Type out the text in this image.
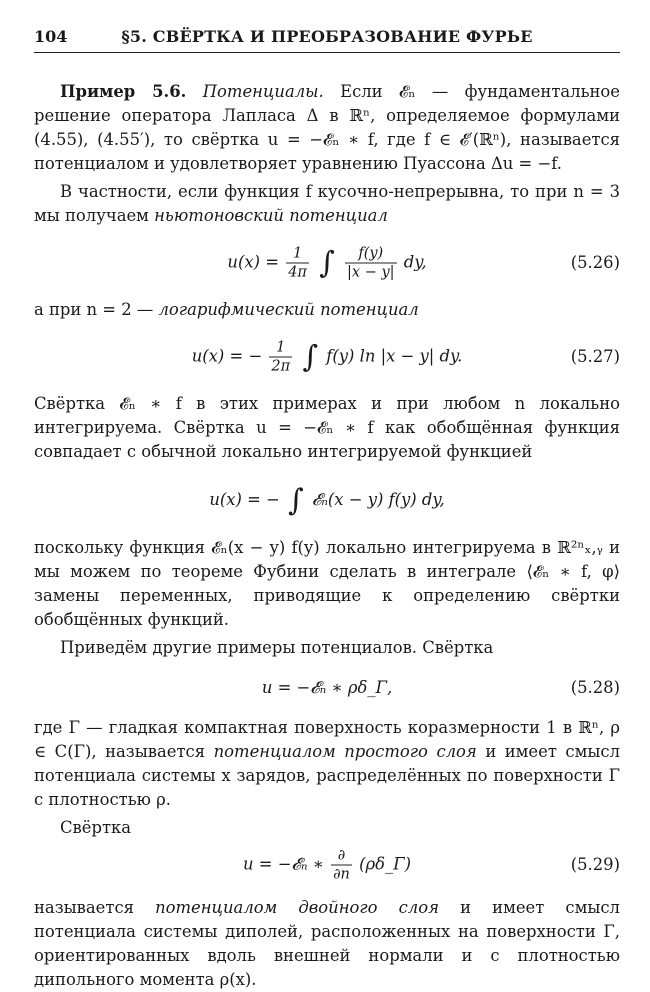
104	§5. СВЁРТКА И ПРЕОБРАЗОВАНИЕ ФУРЬЕ

Пример 5.6. Потенциалы. Если 𝓔ₙ — фундаментальное решение оператора Лапласа Δ в ℝⁿ, определяемое формулами (4.55), (4.55′), то свёртка u = −𝓔ₙ ∗ f, где f ∈ 𝓔′(ℝⁿ), называется потенциалом и удовлетворяет уравнению Пуассона Δu = −f.

В частности, если функция f кусочно-непрерывна, то при n = 3 мы получаем ньютоновский потенциал

$u(x) = \frac{1}{4\pi}$ ∫ $\frac{f(y)}{|x - y|}$ dy,	(5.26)

а при n = 2 — логарифмический потенциал

u(x) = − $\frac{1}{2\pi}$ ∫ f(y) ln |x − y| dy.	(5.27)

Свёртка 𝓔ₙ ∗ f в этих примерах и при любом n локально интегрируема. Свёртка u = −𝓔ₙ ∗ f как обобщённая функция совпадает с обычной локально интегрируемой функцией

u(x) = − ∫ 𝓔ₙ(x − y) f(y) dy,

поскольку функция 𝓔ₙ(x − y) f(y) локально интегрируема в ℝ²ⁿₓ,ᵧ и мы можем по теореме Фубини сделать в интеграле ⟨𝓔ₙ ∗ f, φ⟩ замены переменных, приводящие к определению свёртки обобщённых функций.

Приведём другие примеры потенциалов. Свёртка

u = −𝓔ₙ ∗ ρδ_Γ,	(5.28)

где Γ — гладкая компактная поверхность коразмерности 1 в ℝⁿ, ρ ∈ C(Γ), называется потенциалом простого слоя и имеет смысл потенциала системы x зарядов, распределённых по поверхности Γ с плотностью ρ.

Свёртка

u = −𝓔ₙ ∗ $\frac{\partial}{\partial n}$ (ρδ_Γ)	(5.29)

называется потенциалом двойного слоя и имеет смысл потенциала системы диполей, расположенных на поверхности Γ, ориентированных вдоль внешней нормали и с плотностью дипольного момента ρ(x).
